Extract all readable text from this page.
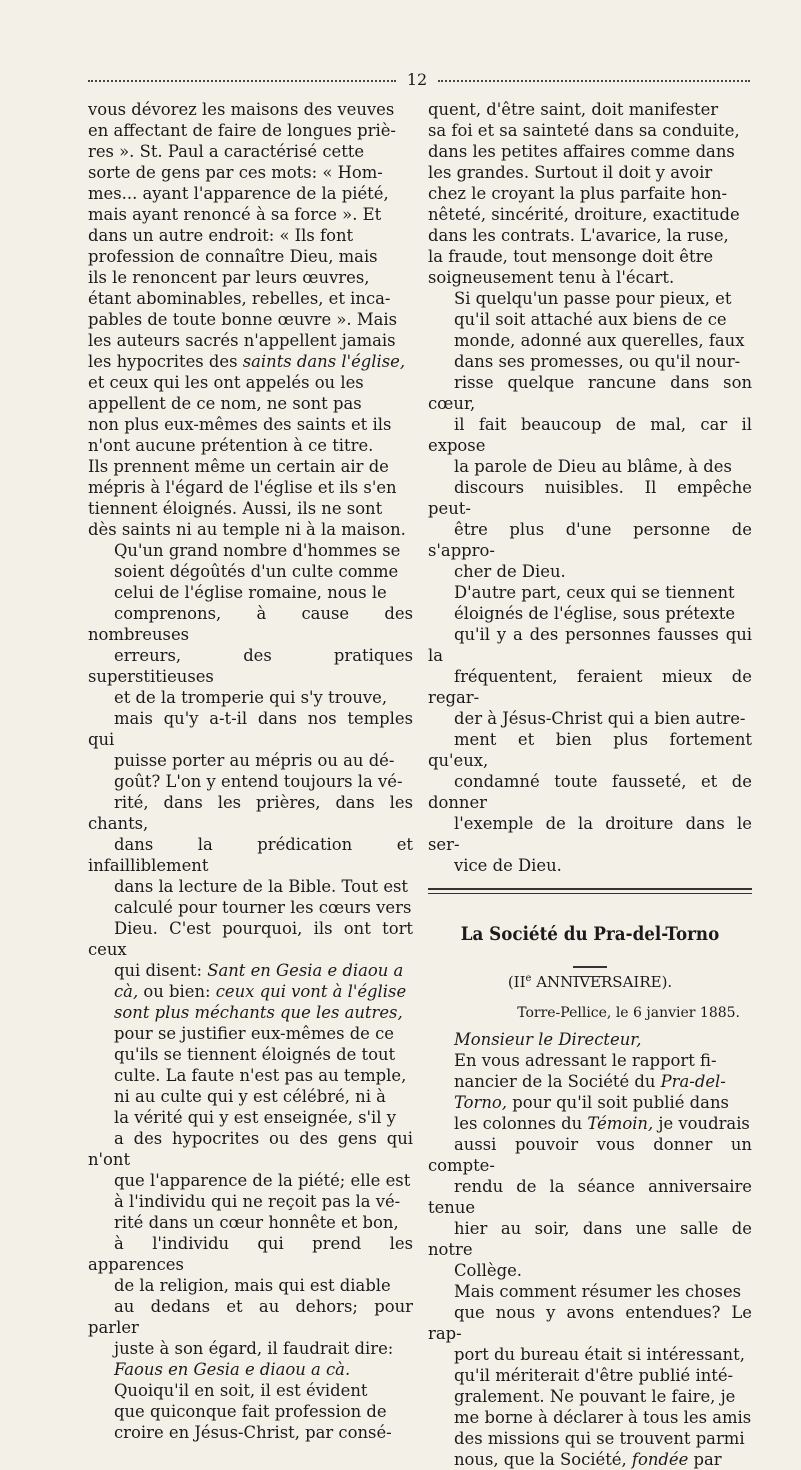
12

vous dévorez les maisons des veuves
en affectant de faire de longues priè-
res ». St. Paul a caractérisé cette
sorte de gens par ces mots: « Hom-
mes... ayant l'apparence de la piété,
mais ayant renoncé à sa force ». Et
dans un autre endroit: « Ils font
profession de connaître Dieu, mais
ils le renoncent par leurs œuvres,
étant abominables, rebelles, et inca-
pables de toute bonne œuvre ». Mais
les auteurs sacrés n'appellent jamais
les hypocrites des saints dans l'église,
et ceux qui les ont appelés ou les
appellent de ce nom, ne sont pas
non plus eux-mêmes des saints et ils
n'ont aucune prétention à ce titre.
Ils prennent même un certain air de
mépris à l'égard de l'église et ils s'en
tiennent éloignés. Aussi, ils ne sont
dès saints ni au temple ni à la maison.

Qu'un grand nombre d'hommes se
soient dégoûtés d'un culte comme
celui de l'église romaine, nous le
comprenons, à cause des nombreuses
erreurs, des pratiques superstitieuses
et de la tromperie qui s'y trouve,
mais qu'y a-t-il dans nos temples qui
puisse porter au mépris ou au dé-
goût? L'on y entend toujours la vé-
rité, dans les prières, dans les chants,
dans la prédication et infailliblement
dans la lecture de la Bible. Tout est
calculé pour tourner les cœurs vers
Dieu. C'est pourquoi, ils ont tort ceux
qui disent: Sant en Gesia e diaou a
cà, ou bien: ceux qui vont à l'église
sont plus méchants que les autres,
pour se justifier eux-mêmes de ce
qu'ils se tiennent éloignés de tout
culte. La faute n'est pas au temple,
ni au culte qui y est célébré, ni à
la vérité qui y est enseignée, s'il y
a des hypocrites ou des gens qui n'ont
que l'apparence de la piété; elle est
à l'individu qui ne reçoit pas la vé-
rité dans un cœur honnête et bon,
à l'individu qui prend les apparences
de la religion, mais qui est diable
au dedans et au dehors; pour parler
juste à son égard, il faudrait dire:
Faous en Gesia e diaou a cà.

Quoiqu'il en soit, il est évident
que quiconque fait profession de
croire en Jésus-Christ, par consé-

quent, d'être saint, doit manifester
sa foi et sa sainteté dans sa conduite,
dans les petites affaires comme dans
les grandes. Surtout il doit y avoir
chez le croyant la plus parfaite hon-
nêteté, sincérité, droiture, exactitude
dans les contrats. L'avarice, la ruse,
la fraude, tout mensonge doit être
soigneusement tenu à l'écart.

Si quelqu'un passe pour pieux, et
qu'il soit attaché aux biens de ce
monde, adonné aux querelles, faux
dans ses promesses, ou qu'il nour-
risse quelque rancune dans son cœur,
il fait beaucoup de mal, car il expose
la parole de Dieu au blâme, à des
discours nuisibles. Il empêche peut-
être plus d'une personne de s'appro-
cher de Dieu.

D'autre part, ceux qui se tiennent
éloignés de l'église, sous prétexte
qu'il y a des personnes fausses qui la
fréquentent, feraient mieux de regar-
der à Jésus-Christ qui a bien autre-
ment et bien plus fortement qu'eux,
condamné toute fausseté, et de donner
l'exemple de la droiture dans le ser-
vice de Dieu.

La Société du Pra-del-Torno
(IIe ANNIVERSAIRE).
Torre-Pellice, le 6 janvier 1885.
Monsieur le Directeur,

En vous adressant le rapport fi-
nancier de la Société du Pra-del-
Torno, pour qu'il soit publié dans
les colonnes du Témoin, je voudrais
aussi pouvoir vous donner un compte-
rendu de la séance anniversaire tenue
hier au soir, dans une salle de notre
Collège.

Mais comment résumer les choses
que nous y avons entendues? Le rap-
port du bureau était si intéressant,
qu'il mériterait d'être publié inté-
gralement. Ne pouvant le faire, je
me borne à déclarer à tous les amis
des missions qui se trouvent parmi
nous, que la Société, fondée par
